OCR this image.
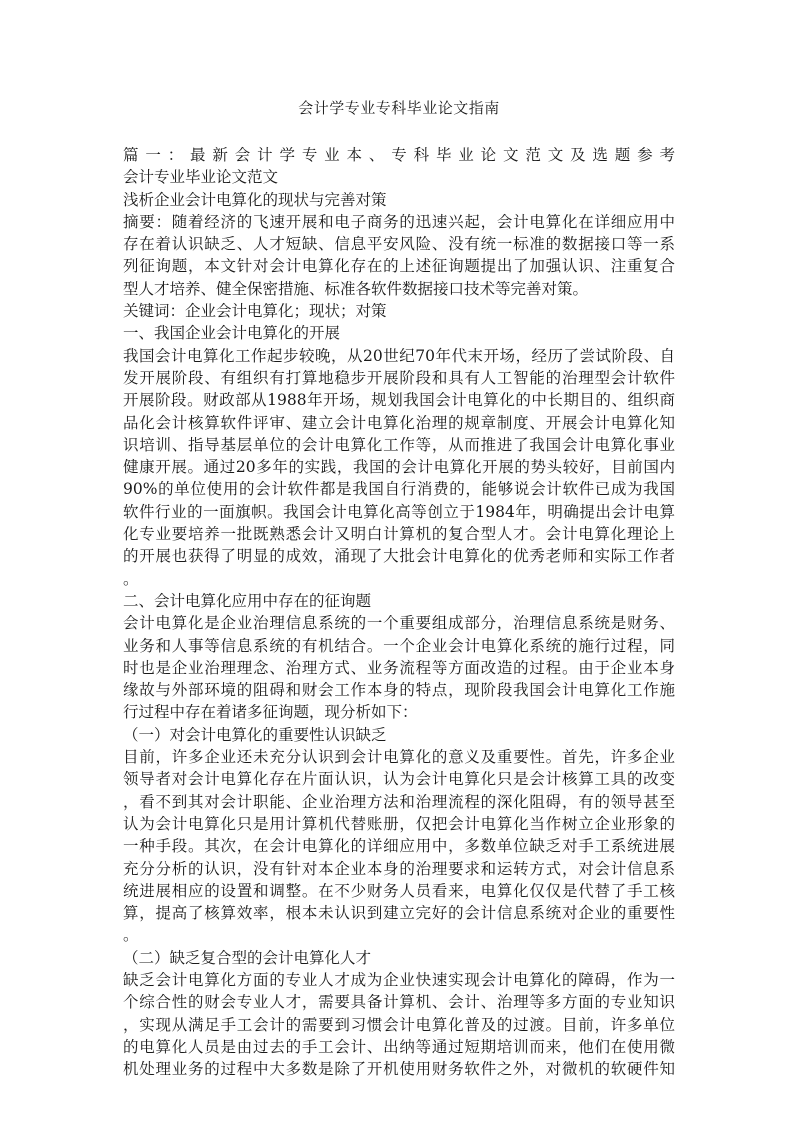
会计学专业专科毕业论文指南
篇一：最新会计学专业本、专科毕业论文范文及选题参考
会计专业毕业论文范文
浅析企业会计电算化的现状与完善对策
摘要：随着经济的飞速开展和电子商务的迅速兴起，会计电算化在详细应用中
存在着认识缺乏、人才短缺、信息平安风险、没有统一标准的数据接口等一系
列征询题，本文针对会计电算化存在的上述征询题提出了加强认识、注重复合
型人才培养、健全保密措施、标准各软件数据接口技术等完善对策。
关键词：企业会计电算化；现状；对策
一、我国企业会计电算化的开展
我国会计电算化工作起步较晚，从20世纪70年代末开场，经历了尝试阶段、自
发开展阶段、有组织有打算地稳步开展阶段和具有人工智能的治理型会计软件
开展阶段。财政部从1988年开场，规划我国会计电算化的中长期目的、组织商
品化会计核算软件评审、建立会计电算化治理的规章制度、开展会计电算化知
识培训、指导基层单位的会计电算化工作等，从而推进了我国会计电算化事业
健康开展。通过20多年的实践，我国的会计电算化开展的势头较好，目前国内
90%的单位使用的会计软件都是我国自行消费的，能够说会计软件已成为我国
软件行业的一面旗帜。我国会计电算化高等创立于1984年，明确提出会计电算
化专业要培养一批既熟悉会计又明白计算机的复合型人才。会计电算化理论上
的开展也获得了明显的成效，涌现了大批会计电算化的优秀老师和实际工作者
。
二、会计电算化应用中存在的征询题
会计电算化是企业治理信息系统的一个重要组成部分，治理信息系统是财务、
业务和人事等信息系统的有机结合。一个企业会计电算化系统的施行过程，同
时也是企业治理理念、治理方式、业务流程等方面改造的过程。由于企业本身
缘故与外部环境的阻碍和财会工作本身的特点，现阶段我国会计电算化工作施
行过程中存在着诸多征询题，现分析如下：
（一）对会计电算化的重要性认识缺乏
目前，许多企业还未充分认识到会计电算化的意义及重要性。首先，许多企业
领导者对会计电算化存在片面认识，认为会计电算化只是会计核算工具的改变
，看不到其对会计职能、企业治理方法和治理流程的深化阻碍，有的领导甚至
认为会计电算化只是用计算机代替账册，仅把会计电算化当作树立企业形象的
一种手段。其次，在会计电算化的详细应用中，多数单位缺乏对手工系统进展
充分分析的认识，没有针对本企业本身的治理要求和运转方式，对会计信息系
统进展相应的设置和调整。在不少财务人员看来，电算化仅仅是代替了手工核
算，提高了核算效率，根本未认识到建立完好的会计信息系统对企业的重要性
。
（二）缺乏复合型的会计电算化人才
缺乏会计电算化方面的专业人才成为企业快速实现会计电算化的障碍，作为一
个综合性的财会专业人才，需要具备计算机、会计、治理等多方面的专业知识
，实现从满足手工会计的需要到习惯会计电算化普及的过渡。目前，许多单位
的电算化人员是由过去的手工会计、出纳等通过短期培训而来，他们在使用微
机处理业务的过程中大多数是除了开机使用财务软件之外，对微机的软硬件知
